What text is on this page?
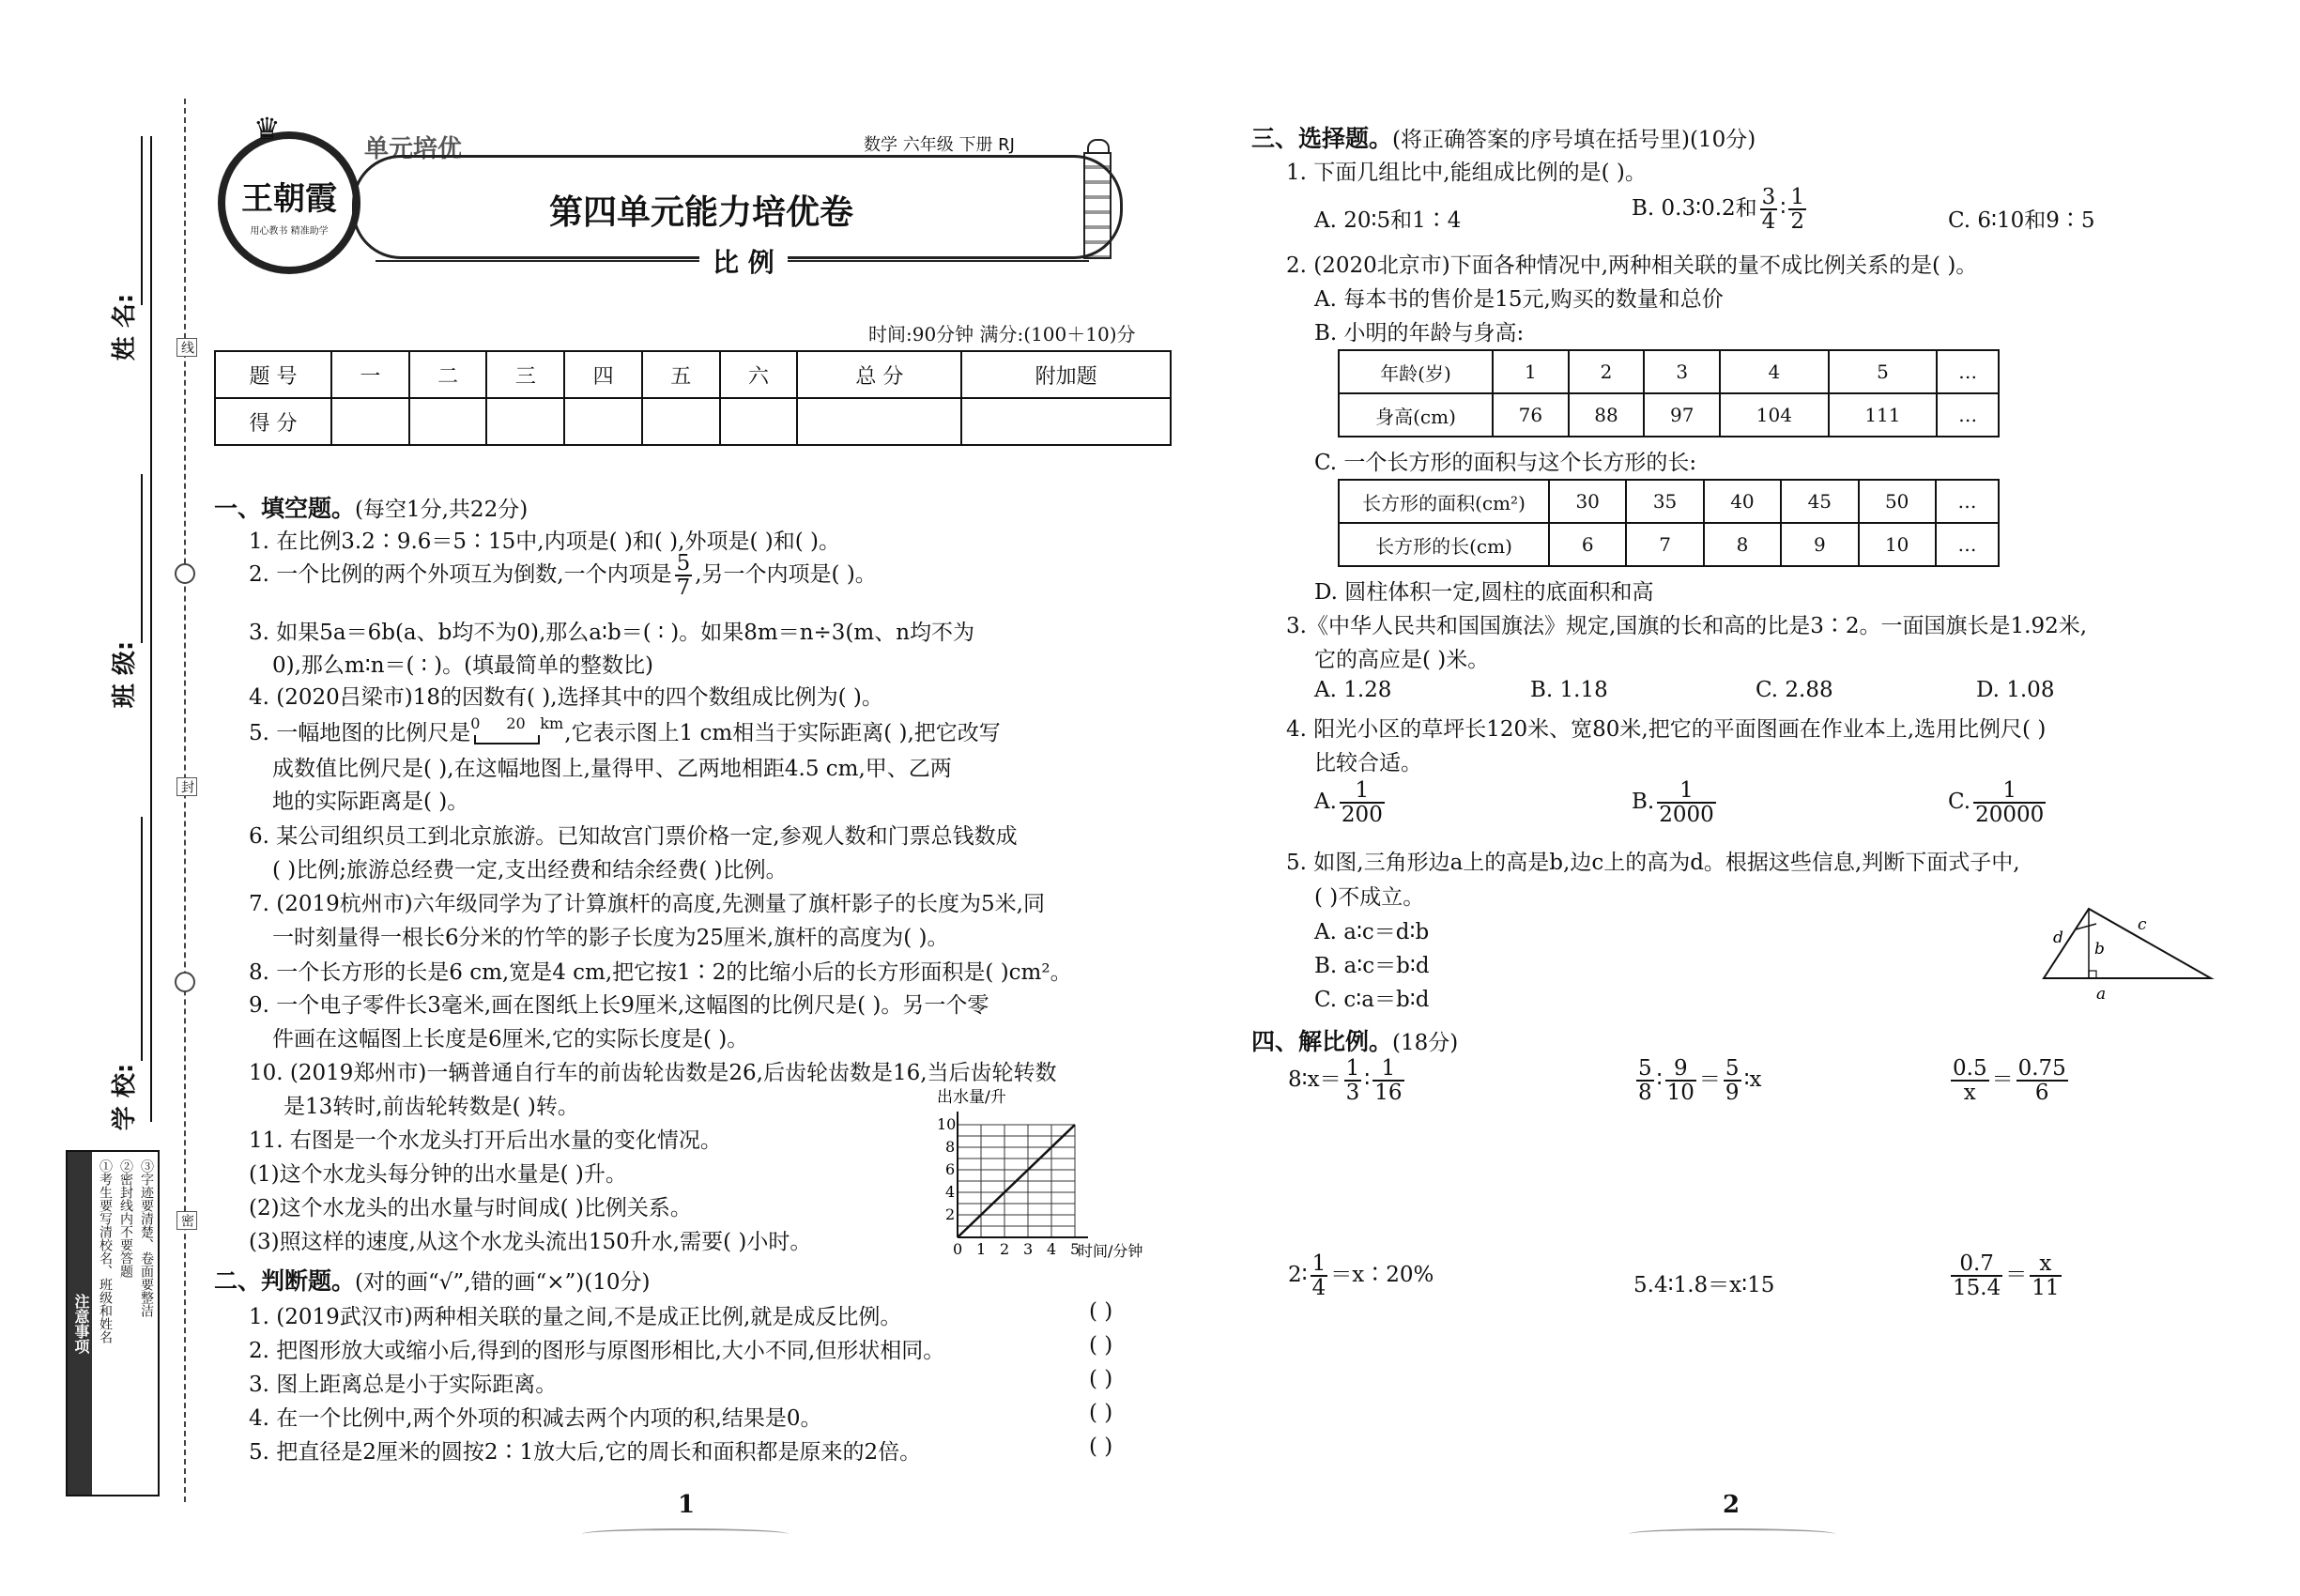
线
封
密
姓 名:
班 级:
学 校:
注意事项 ①考生要写清校名、班级和姓名 ②密封线内不要答题 ③字迹要清楚、卷面要整洁
♛
王朝霞
用心教书 精准助学
单元培优	数学 六年级 下册 RJ
第四单元能力培优卷
比 例
时间:90分钟 满分:(100＋10)分
题 号	一	二	三	四	五	六	总 分	附加题
得 分								
一、填空题。(每空1分,共22分)
1. 在比例3.2∶9.6＝5∶15中,内项是( )和( ),外项是( )和( )。
2. 一个比例的两个外项互为倒数,一个内项是 $\frac{5}{7}$ ,另一个内项是( )。
3. 如果5a＝6b(a、b均不为0),那么a∶b＝( ∶ )。如果8m＝n÷3(m、n均不为
0),那么m∶n＝( ∶ )。(填最简单的整数比)
4. (2020吕梁市)18的因数有( ),选择其中的四个数组成比例为( )。
5. 一幅地图的比例尺是 0 20 km ,它表示图上1 cm相当于实际距离( ),把它改写
成数值比例尺是( ),在这幅地图上,量得甲、乙两地相距4.5 cm,甲、乙两
地的实际距离是( )。
6. 某公司组织员工到北京旅游。已知故宫门票价格一定,参观人数和门票总钱数成
( )比例;旅游总经费一定,支出经费和结余经费( )比例。
7. (2019杭州市)六年级同学为了计算旗杆的高度,先测量了旗杆影子的长度为5米,同
一时刻量得一根长6分米的竹竿的影子长度为25厘米,旗杆的高度为( )。
8. 一个长方形的长是6 cm,宽是4 cm,把它按1∶2的比缩小后的长方形面积是( )cm²。
9. 一个电子零件长3毫米,画在图纸上长9厘米,这幅图的比例尺是( )。另一个零
件画在这幅图上长度是6厘米,它的实际长度是( )。
10. (2019郑州市)一辆普通自行车的前齿轮齿数是26,后齿轮齿数是16,当后齿轮转数
是13转时,前齿轮转数是( )转。
11. 右图是一个水龙头打开后出水量的变化情况。
(1)这个水龙头每分钟的出水量是( )升。
(2)这个水龙头的出水量与时间成( )比例关系。
(3)照这样的速度,从这个水龙头流出150升水,需要( )小时。
出水量/升
时间/分钟
0 1 2 3 4 5
2
4
6
8
10
二、判断题。(对的画“√”,错的画“×”)(10分)
1. (2019武汉市)两种相关联的量之间,不是成正比例,就是成反比例。
2. 把图形放大或缩小后,得到的图形与原图形相比,大小不同,但形状相同。
3. 图上距离总是小于实际距离。
4. 在一个比例中,两个外项的积减去两个内项的积,结果是0。
5. 把直径是2厘米的圆按2∶1放大后,它的周长和面积都是原来的2倍。
( )
( )
( )
( )
( )
1
三、选择题。(将正确答案的序号填在括号里)(10分)
1. 下面几组比中,能组成比例的是( )。
A. 20∶5和1∶4	B. 0.3∶0.2和 $\frac{3}{4}$ ∶ $\frac{1}{2}$	C. 6∶10和9∶5
2. (2020北京市)下面各种情况中,两种相关联的量不成比例关系的是( )。
A. 每本书的售价是15元,购买的数量和总价
B. 小明的年龄与身高:
年龄(岁)	1	2	3	4	5	…
身高(cm)	76	88	97	104	111	…
C. 一个长方形的面积与这个长方形的长:
长方形的面积(cm²)	30	35	40	45	50	…
长方形的长(cm)	6	7	8	9	10	…
D. 圆柱体积一定,圆柱的底面积和高
3.《中华人民共和国国旗法》规定,国旗的长和高的比是3∶2。一面国旗长是1.92米,
它的高应是( )米。
A. 1.28	B. 1.18	C. 2.88	D. 1.08
4. 阳光小区的草坪长120米、宽80米,把它的平面图画在作业本上,选用比例尺( )
比较合适。
A. $\frac{1}{200}$	B. $\frac{1}{2000}$	C. $\frac{1}{20000}$
5. 如图,三角形边a上的高是b,边c上的高为d。根据这些信息,判断下面式子中,
( )不成立。
A. a∶c＝d∶b
B. a∶c＝b∶d
C. c∶a＝b∶d
d
b
c
a
四、解比例。(18分)
8∶x＝ $\frac{1}{3}$ ∶ $\frac{1}{16}$	$\frac{5}{8}$ ∶ $\frac{9}{10} = \frac{5}{9}$ ∶x	$\frac{0.5}{x} = \frac{0.75}{6}$
2∶ $\frac{1}{4}$ ＝x∶20%	5.4∶1.8＝x∶15	$\frac{0.7}{15.4} = \frac{x}{11}$
2
